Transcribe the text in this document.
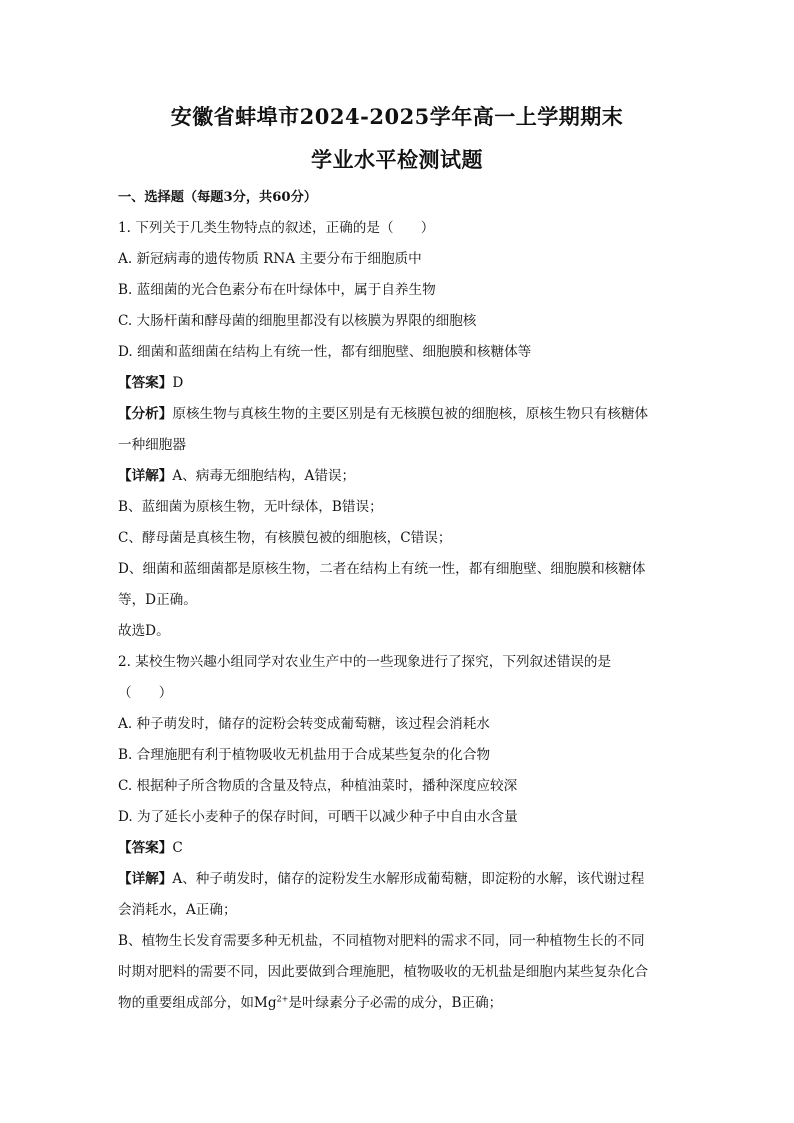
安徽省蚌埠市2024-2025学年高一上学期期末
学业水平检测试题
一、选择题（每题3分，共60分）
1. 下列关于几类生物特点的叙述，正确的是（　　）
A. 新冠病毒的遗传物质 RNA 主要分布于细胞质中
B. 蓝细菌的光合色素分布在叶绿体中，属于自养生物
C. 大肠杆菌和酵母菌的细胞里都没有以核膜为界限的细胞核
D. 细菌和蓝细菌在结构上有统一性，都有细胞壁、细胞膜和核糖体等
【答案】D
【分析】原核生物与真核生物的主要区别是有无核膜包被的细胞核，原核生物只有核糖体
一种细胞器
【详解】A、病毒无细胞结构，A错误；
B、蓝细菌为原核生物，无叶绿体，B错误；
C、酵母菌是真核生物，有核膜包被的细胞核，C错误；
D、细菌和蓝细菌都是原核生物，二者在结构上有统一性，都有细胞壁、细胞膜和核糖体
等，D正确。
故选D。
2. 某校生物兴趣小组同学对农业生产中的一些现象进行了探究，下列叙述错误的是
（　　）
A. 种子萌发时，储存的淀粉会转变成葡萄糖，该过程会消耗水
B. 合理施肥有利于植物吸收无机盐用于合成某些复杂的化合物
C. 根据种子所含物质的含量及特点，种植油菜时，播种深度应较深
D. 为了延长小麦种子的保存时间，可晒干以减少种子中自由水含量
【答案】C
【详解】A、种子萌发时，储存的淀粉发生水解形成葡萄糖，即淀粉的水解，该代谢过程
会消耗水，A正确；
B、植物生长发育需要多种无机盐，不同植物对肥料的需求不同，同一种植物生长的不同
时期对肥料的需要不同，因此要做到合理施肥，植物吸收的无机盐是细胞内某些复杂化合
物的重要组成部分，如$Mg^{2+}$是叶绿素分子必需的成分，B正确；
